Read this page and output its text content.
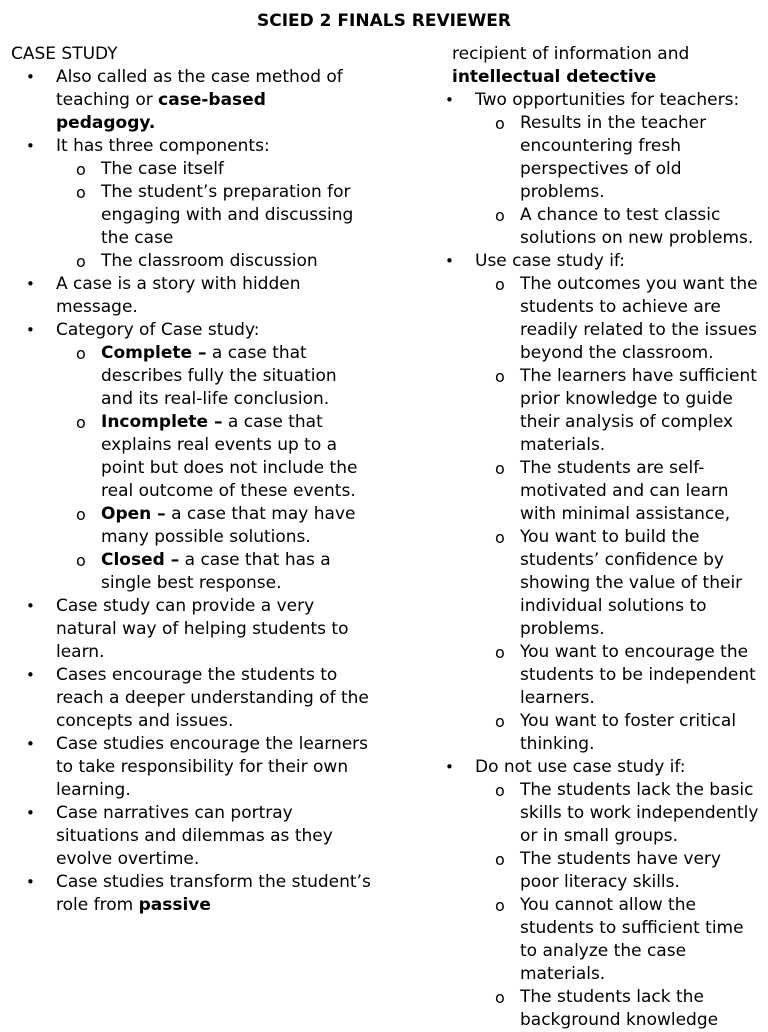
SCIED 2 FINALS REVIEWER

CASE STUDY

•	Also called as the case method of teaching or case-based pedagogy.
•	It has three components:
o The case itself
o The student’s preparation for engaging with and discussing the case
o The classroom discussion
•	A case is a story with hidden message.
•	Category of Case study:
o Complete – a case that describes fully the situation and its real-life conclusion.
o Incomplete – a case that explains real events up to a point but does not include the real outcome of these events.
o Open – a case that may have many possible solutions.
o Closed – a case that has a single best response.
•	Case study can provide a very natural way of helping students to learn.
•	Cases encourage the students to reach a deeper understanding of the concepts and issues.
•	Case studies encourage the learners to take responsibility for their own learning.
•	Case narratives can portray situations and dilemmas as they evolve overtime.
•	Case studies transform the student’s role from passive
recipient of information and
intellectual detective
•	Two opportunities for teachers:
o Results in the teacher encountering fresh perspectives of old problems.
o A chance to test classic solutions on new problems.
•	Use case study if:
o The outcomes you want the students to achieve are readily related to the issues beyond the classroom.
o The learners have sufficient prior knowledge to guide their analysis of complex materials.
o The students are self-motivated and can learn with minimal assistance,
o You want to build the students’ confidence by showing the value of their individual solutions to problems.
o You want to encourage the students to be independent learners.
o You want to foster critical thinking.
•	Do not use case study if:
o The students lack the basic skills to work independently or in small groups.
o The students have very poor literacy skills.
o You cannot allow the students to sufficient time to analyze the case materials.
o The students lack the background knowledge
